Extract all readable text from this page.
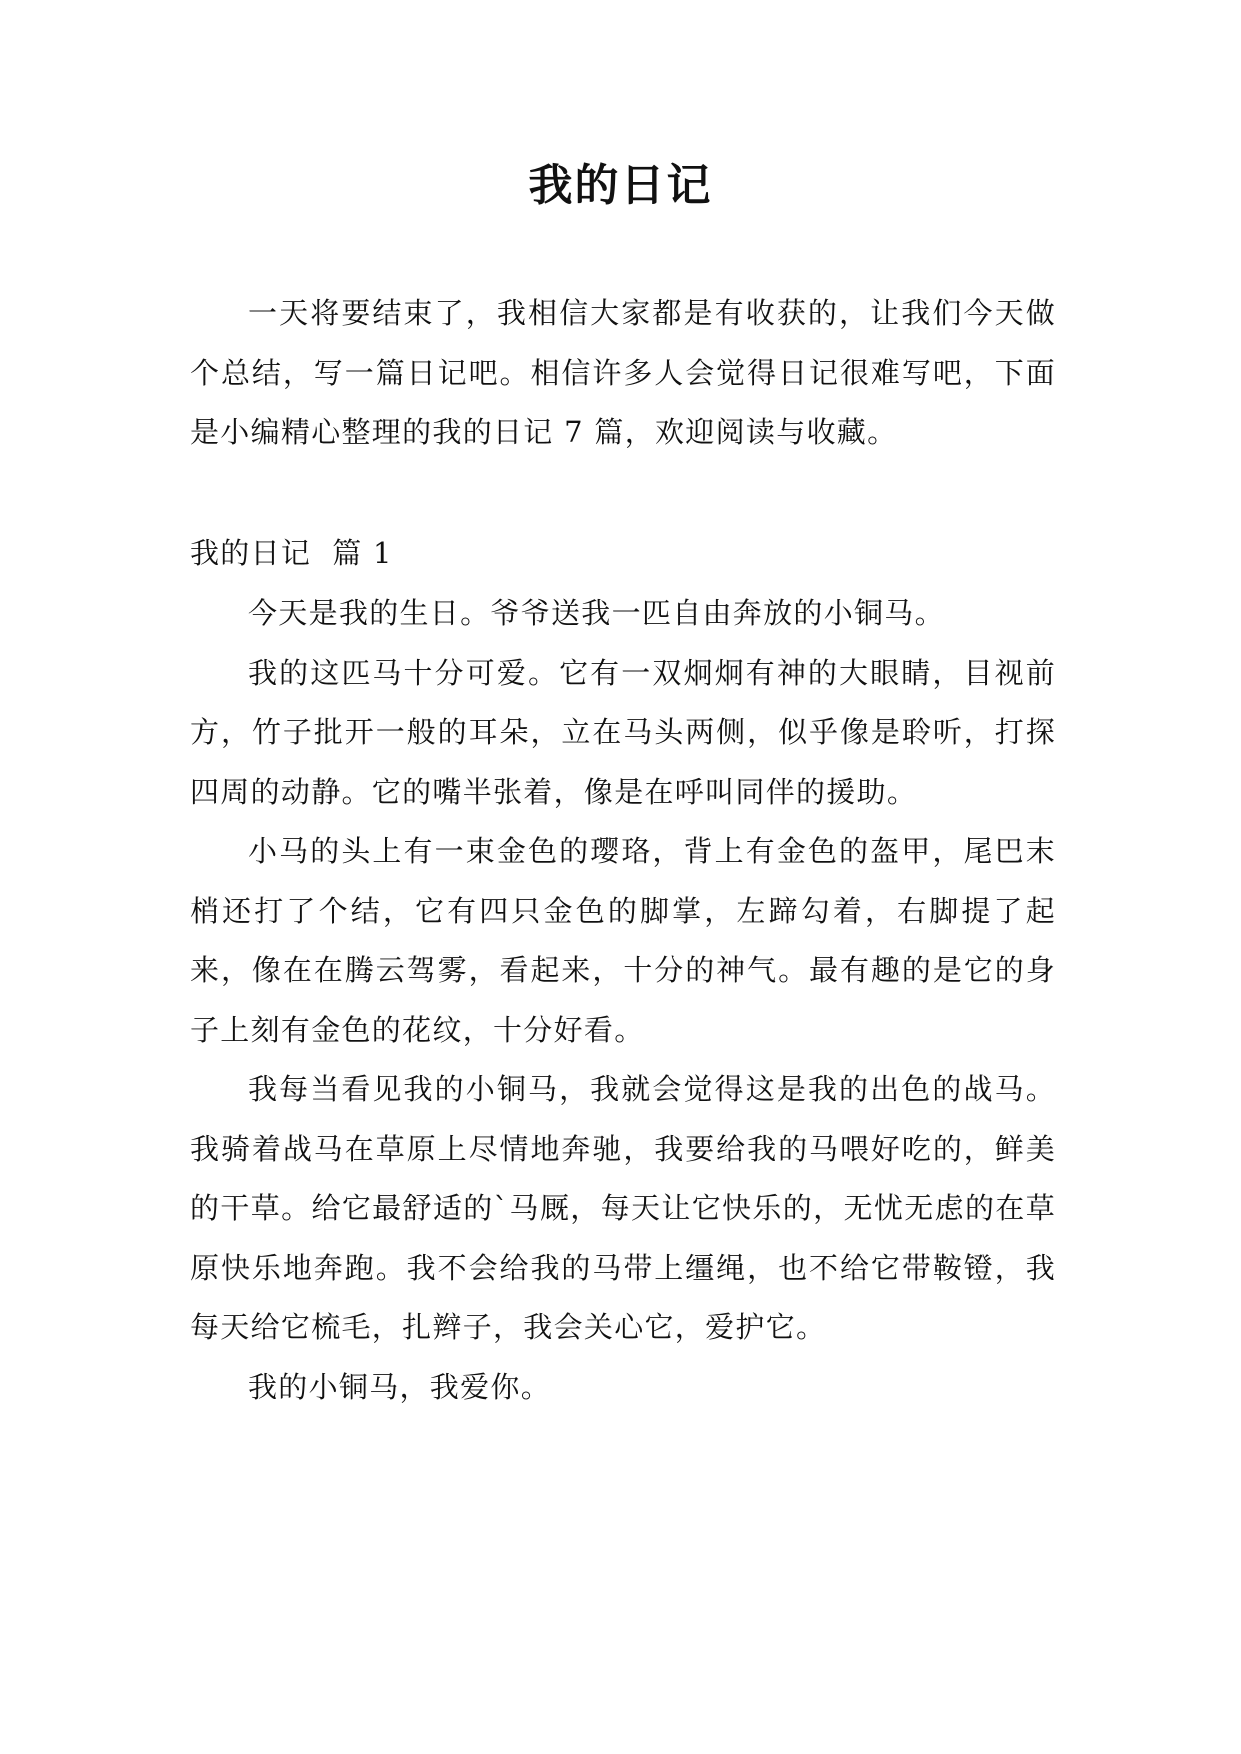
我的日记

一天将要结束了，我相信大家都是有收获的，让我们今天做个总结，写一篇日记吧。相信许多人会觉得日记很难写吧，下面是小编精心整理的我的日记 7 篇，欢迎阅读与收藏。

我的日记  篇 1

今天是我的生日。爷爷送我一匹自由奔放的小铜马。

我的这匹马十分可爱。它有一双炯炯有神的大眼睛，目视前方，竹子批开一般的耳朵，立在马头两侧，似乎像是聆听，打探四周的动静。它的嘴半张着，像是在呼叫同伴的援助。

小马的头上有一束金色的璎珞，背上有金色的盔甲，尾巴末梢还打了个结，它有四只金色的脚掌，左蹄勾着，右脚提了起来，像在在腾云驾雾，看起来，十分的神气。最有趣的是它的身子上刻有金色的花纹，十分好看。

我每当看见我的小铜马，我就会觉得这是我的出色的战马。我骑着战马在草原上尽情地奔驰，我要给我的马喂好吃的，鲜美的干草。给它最舒适的`马厩，每天让它快乐的，无忧无虑的在草原快乐地奔跑。我不会给我的马带上缰绳，也不给它带鞍镫，我每天给它梳毛，扎辫子，我会关心它，爱护它。

我的小铜马，我爱你。
